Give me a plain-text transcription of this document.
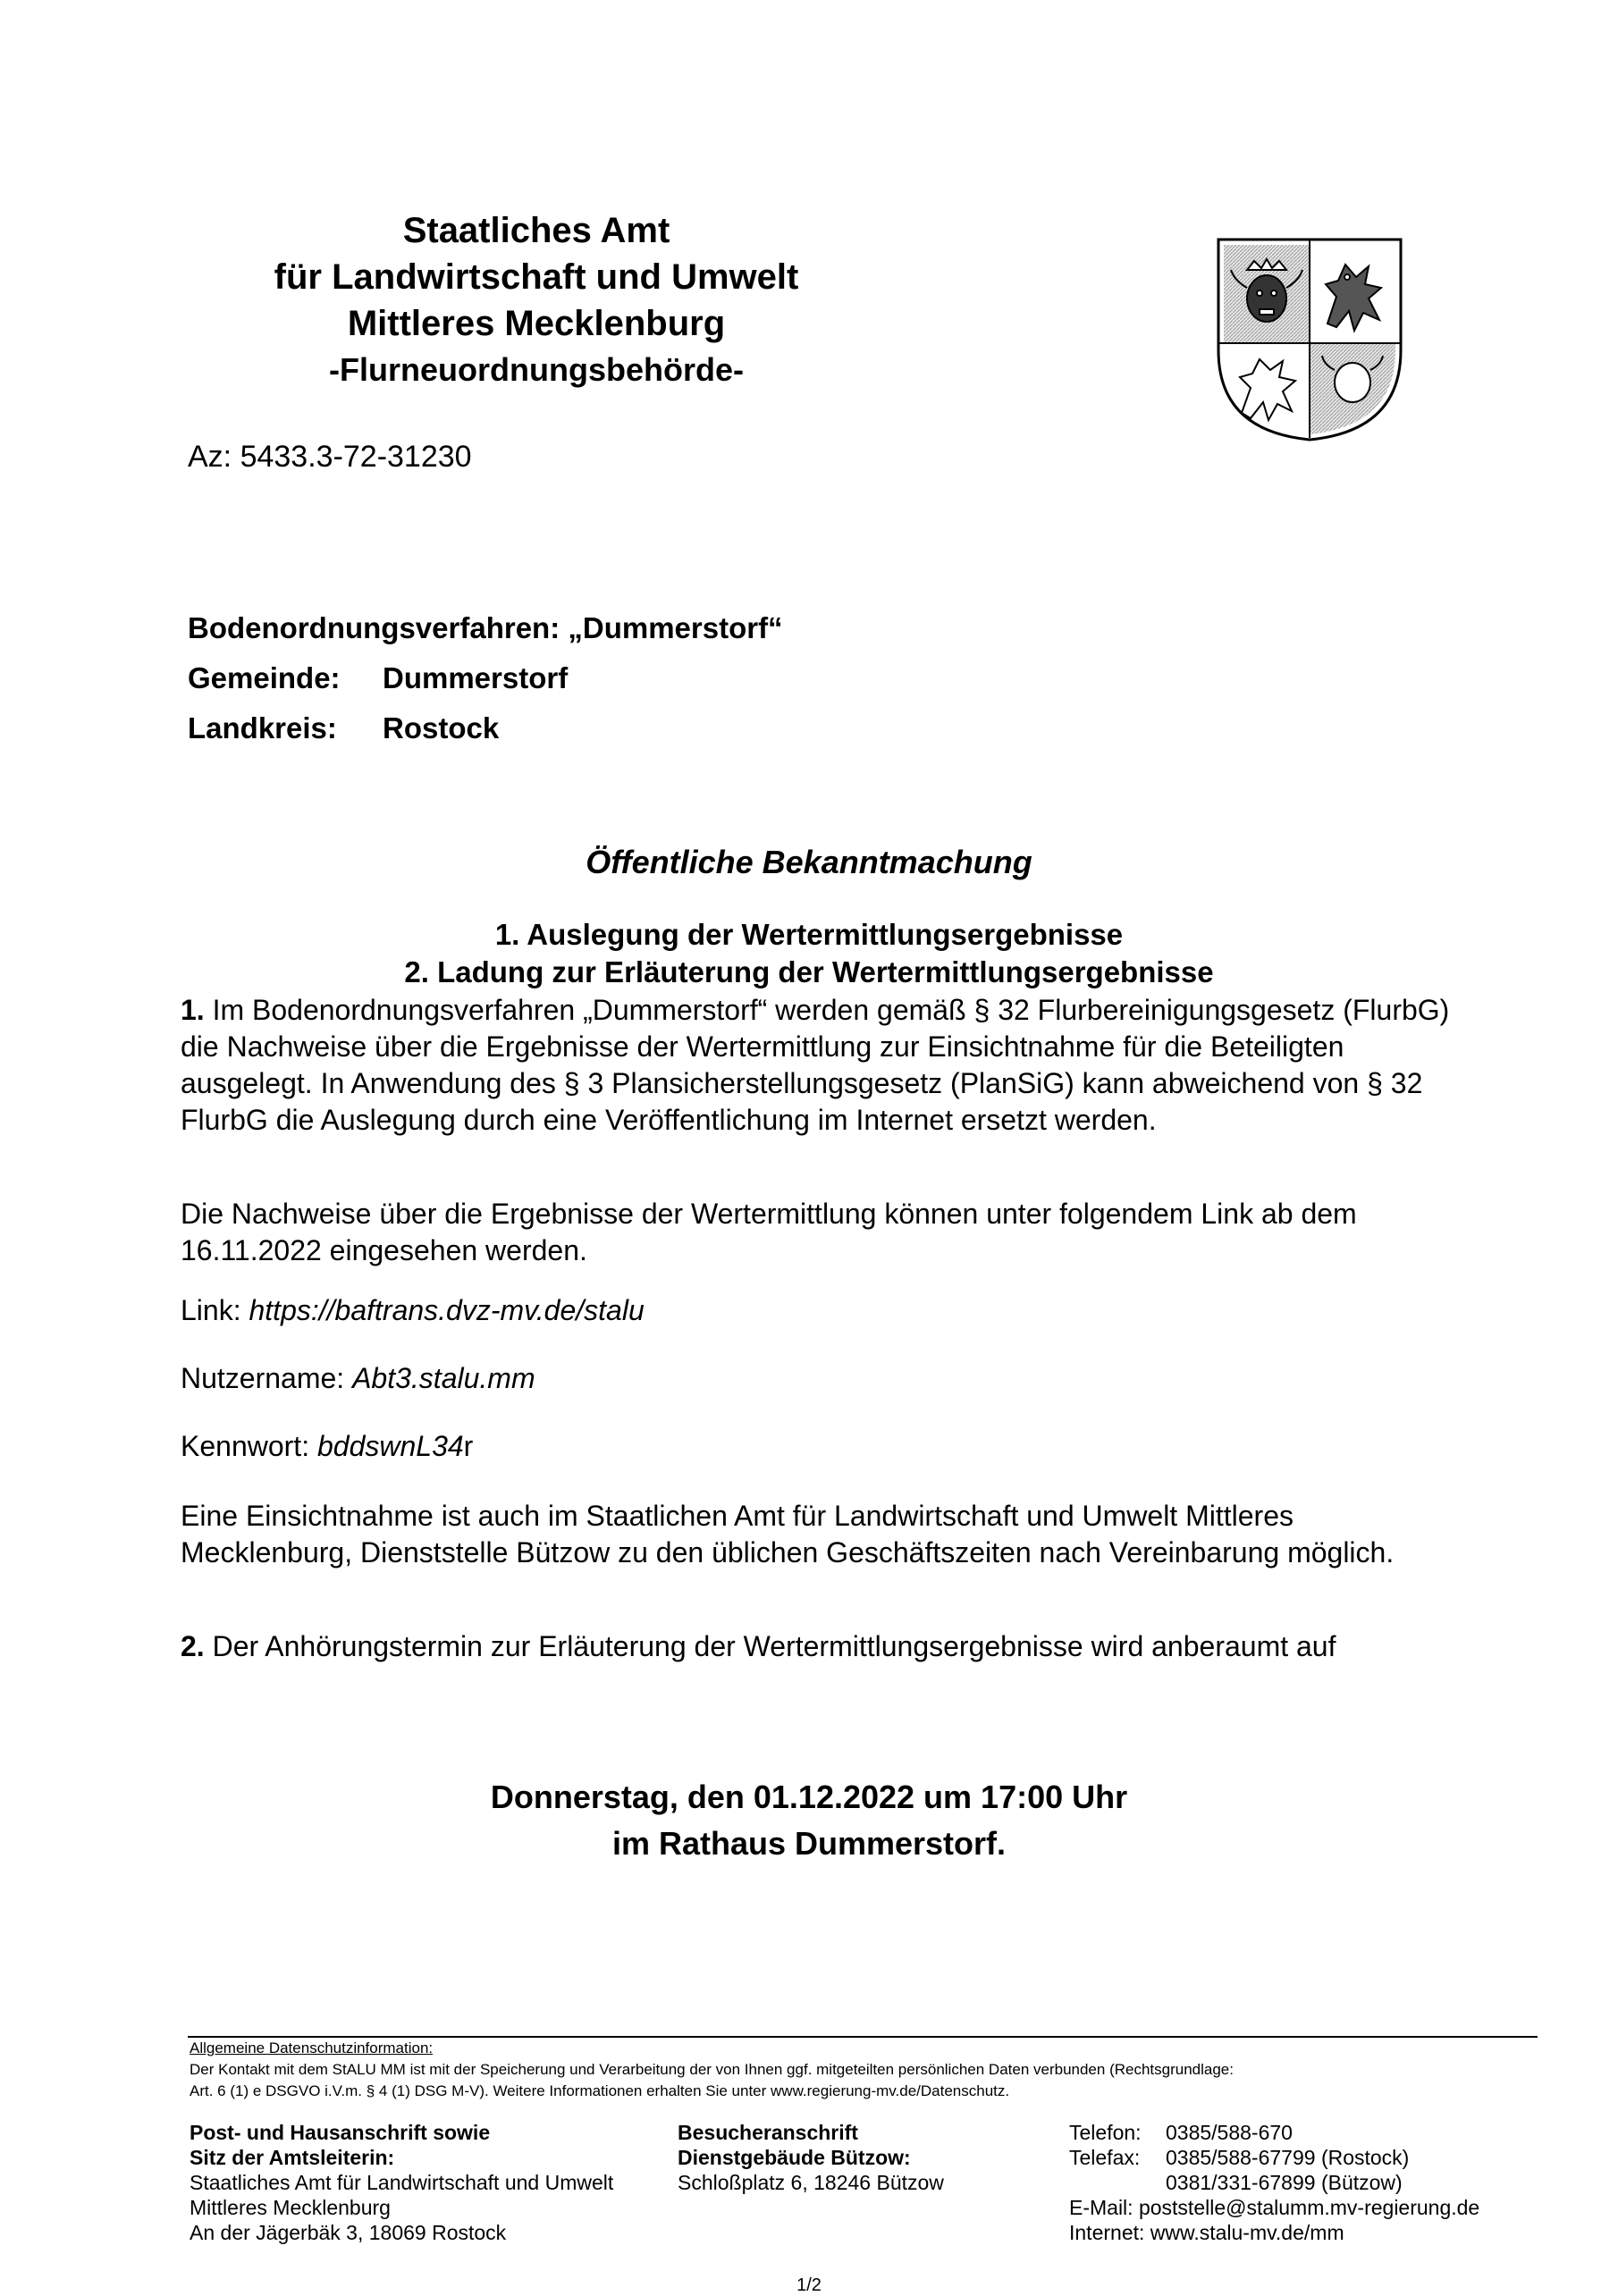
Staatliches Amt
für Landwirtschaft und Umwelt
Mittleres Mecklenburg
-Flurneuordnungsbehörde-
Az: 5433.3-72-31230
Bodenordnungsverfahren: „Dummerstorf“
Gemeinde: Dummerstorf
Landkreis: Rostock
Öffentliche Bekanntmachung
1. Auslegung der Wertermittlungsergebnisse
2. Ladung zur Erläuterung der Wertermittlungsergebnisse
1. Im Bodenordnungsverfahren „Dummerstorf“ werden gemäß § 32 Flurbereinigungsgesetz (FlurbG) die Nachweise über die Ergebnisse der Wertermittlung zur Einsichtnahme für die Beteiligten ausgelegt. In Anwendung des § 3 Plansicherstellungsgesetz (PlanSiG) kann abweichend von § 32 FlurbG die Auslegung durch eine Veröffentlichung im Internet ersetzt werden.
Die Nachweise über die Ergebnisse der Wertermittlung können unter folgendem Link ab dem 16.11.2022 eingesehen werden.
Link: https://baftrans.dvz-mv.de/stalu
Nutzername: Abt3.stalu.mm
Kennwort: bddswnL34r
Eine Einsichtnahme ist auch im Staatlichen Amt für Landwirtschaft und Umwelt Mittleres Mecklenburg, Dienststelle Bützow zu den üblichen Geschäftszeiten nach Vereinbarung möglich.
2. Der Anhörungstermin zur Erläuterung der Wertermittlungsergebnisse wird anberaumt auf
Donnerstag, den 01.12.2022 um 17:00 Uhr
im Rathaus Dummerstorf.
Allgemeine Datenschutzinformation:
Der Kontakt mit dem StALU MM ist mit der Speicherung und Verarbeitung der von Ihnen ggf. mitgeteilten persönlichen Daten verbunden (Rechtsgrundlage:
Art. 6 (1) e DSGVO i.V.m. § 4 (1) DSG M-V). Weitere Informationen erhalten Sie unter www.regierung-mv.de/Datenschutz.
Post- und Hausanschrift sowie
Sitz der Amtsleiterin:
Staatliches Amt für Landwirtschaft und Umwelt
Mittleres Mecklenburg
An der Jägerbäk 3, 18069 Rostock
Besucheranschrift
Dienstgebäude Bützow:
Schloßplatz 6, 18246 Bützow
Telefon: 0385/588-670
Telefax: 0385/588-67799 (Rostock)
0381/331-67899 (Bützow)
E-Mail: poststelle@stalumm.mv-regierung.de
Internet: www.stalu-mv.de/mm
1/2
